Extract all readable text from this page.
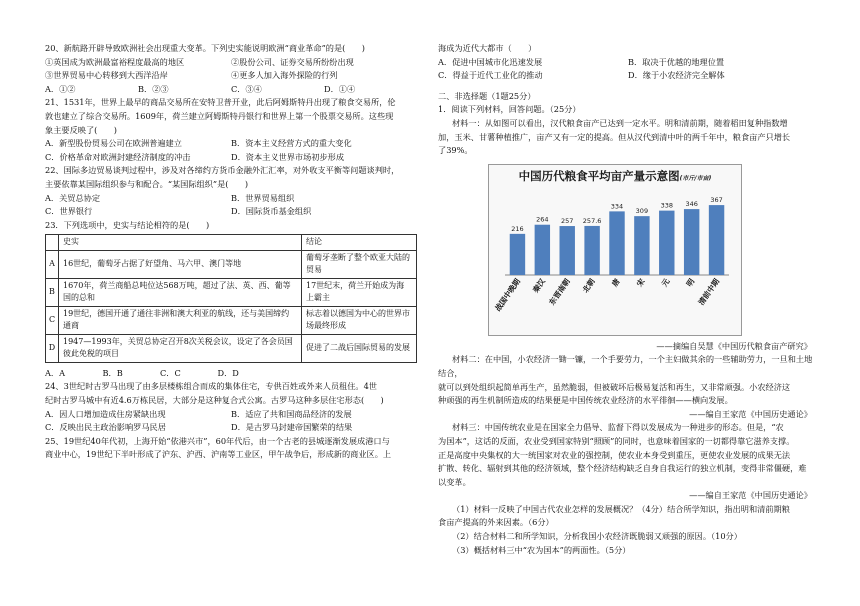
20、新航路开辟导致欧洲社会出现重大变革。下列史实能说明欧洲“商业革命”的是(　　)

①英国成为欧洲最富裕程度最高的地区	②股份公司、证券交易所纷纷出现
③世界贸易中心转移到大西洋沿岸	④更多人加入海外探险的行列
A．①②	B．②③	C．③④	D．①④

21、1531年，世界上最早的商品交易所在安特卫普开业，此后阿姆斯特丹出现了粮食交易所，伦

敦也建立了综合交易所。1609年，荷兰建立阿姆斯特丹银行和世界上第一个股票交易所。这些现

象主要反映了(　　)

A．新型股份贸易公司在欧洲普遍建立	B．资本主义经营方式的重大变化
C．价格革命对欧洲封建经济制度的冲击	D．资本主义世界市场初步形成

22、国际多边贸易谈判过程中，涉及对各缔约方货币金融外汇汇率，对外收支平衡等问题谈判时，

主要依靠某国际组织参与和配合。“某国际组织”是(　　)

A．关贸总协定	B．世界贸易组织
C．世界银行	D．国际货币基金组织

23．下列选项中，史实与结论相符的是(　　)

	史实	结论
A	16世纪，葡萄牙占据了好望角、马六甲、澳门等地	葡萄牙垄断了整个欧亚大陆的贸易
B	1670年，荷兰商船总吨位达568万吨，超过了法、英、西、葡等国的总和	17世纪末，荷兰开始成为海上霸主
C	19世纪，德国开通了通往非洲和澳大利亚的航线，还与美国缔约通商	标志着以德国为中心的世界市场最终形成
D	1947—1993年，关贸总协定召开8次关税会议，设定了各会员国彼此免税的项目	促进了二战后国际贸易的发展
A．A	B．B	C．C	D．D

24、3世纪时古罗马出现了由多层楼栋组合而成的集体住宅，专供百姓或外来人员租住。4世

纪时古罗马城中有近4.6万栋民居，大部分是这种复合式公寓。古罗马这种多层住宅形态(　　)

A．因人口增加造成住房紧缺出现	B．适应了共和国商品经济的发展
C．反映出民主政治影响罗马民居	D．是古罗马封建帝国繁荣的结果

25、19世纪40年代初，上海开始“依港兴市”，60年代后，由一个古老的县城逐渐发展成港口与

商业中心，19世纪下半叶形成了沪东、沪西、沪南等工业区，甲午战争后，形成新的商业区。上

海成为近代大都市（　　）

A．促进中国城市化迅速发展	B．取决于优越的地理位置
C．得益于近代工业化的推动	D．缘于小农经济完全解体

二、非选择题（1题25分）

1．阅读下列材料，回答问题。（25分）

材料一：从如图可以看出，汉代粮食亩产已达到一定水平。明和清前期，随着稻田复种指数增

加，玉米、甘薯种植推广，亩产又有一定的提高。但从汉代到清中叶的两千年中，粮食亩产只增长

了39%。

中国历代粮食平均亩产量示意图(市斤/市亩)
216
战国中晚期
264
秦汉
257
东晋南朝
257.6
北朝
334
唐
309
宋
338
元
346
明
367
清前中期

——摘编自吴慧《中国历代粮食亩产研究》

材料二：在中国，小农经济一锄一镰，一个手要劳力，一个主妇做其余的一些辅助劳力，一旦和土地结合，

就可以到处组织起简单再生产，虽然脆弱，但被破坏后极易复活和再生，又非常顽强。小农经济这

种顽强的再生机制所造成的结果便是中国传统农业经济的水平徘徊——横向发展。

——编自王家范《中国历史通论》

材料三：中国传统农业是在国家全力倡导、监督下得以发展成为一种进步的形态。但是，“农

为国本”，这话的反面，农业受到国家特别“照顾”的同时，也意味着国家的一切都得靠它滋养支撑。

正是高度中央集权的大一统国家对农业的强控制，使农业本身受到重压，更使农业发展的成果无法

扩散、转化、辐射到其他的经济领域，整个经济结构缺乏自身自我运行的独立机制，变得非常僵硬，难

以变革。

——编自王家范《中国历史通论》

（1）材料一反映了中国古代农业怎样的发展概况？（4分）结合所学知识，指出明和清前期粮

食亩产提高的外来因素。（6分）

（2）结合材料二和所学知识，分析我国小农经济既脆弱又顽强的原因。（10分）

（3）概括材料三中“农为国本”的两面性。（5分）
